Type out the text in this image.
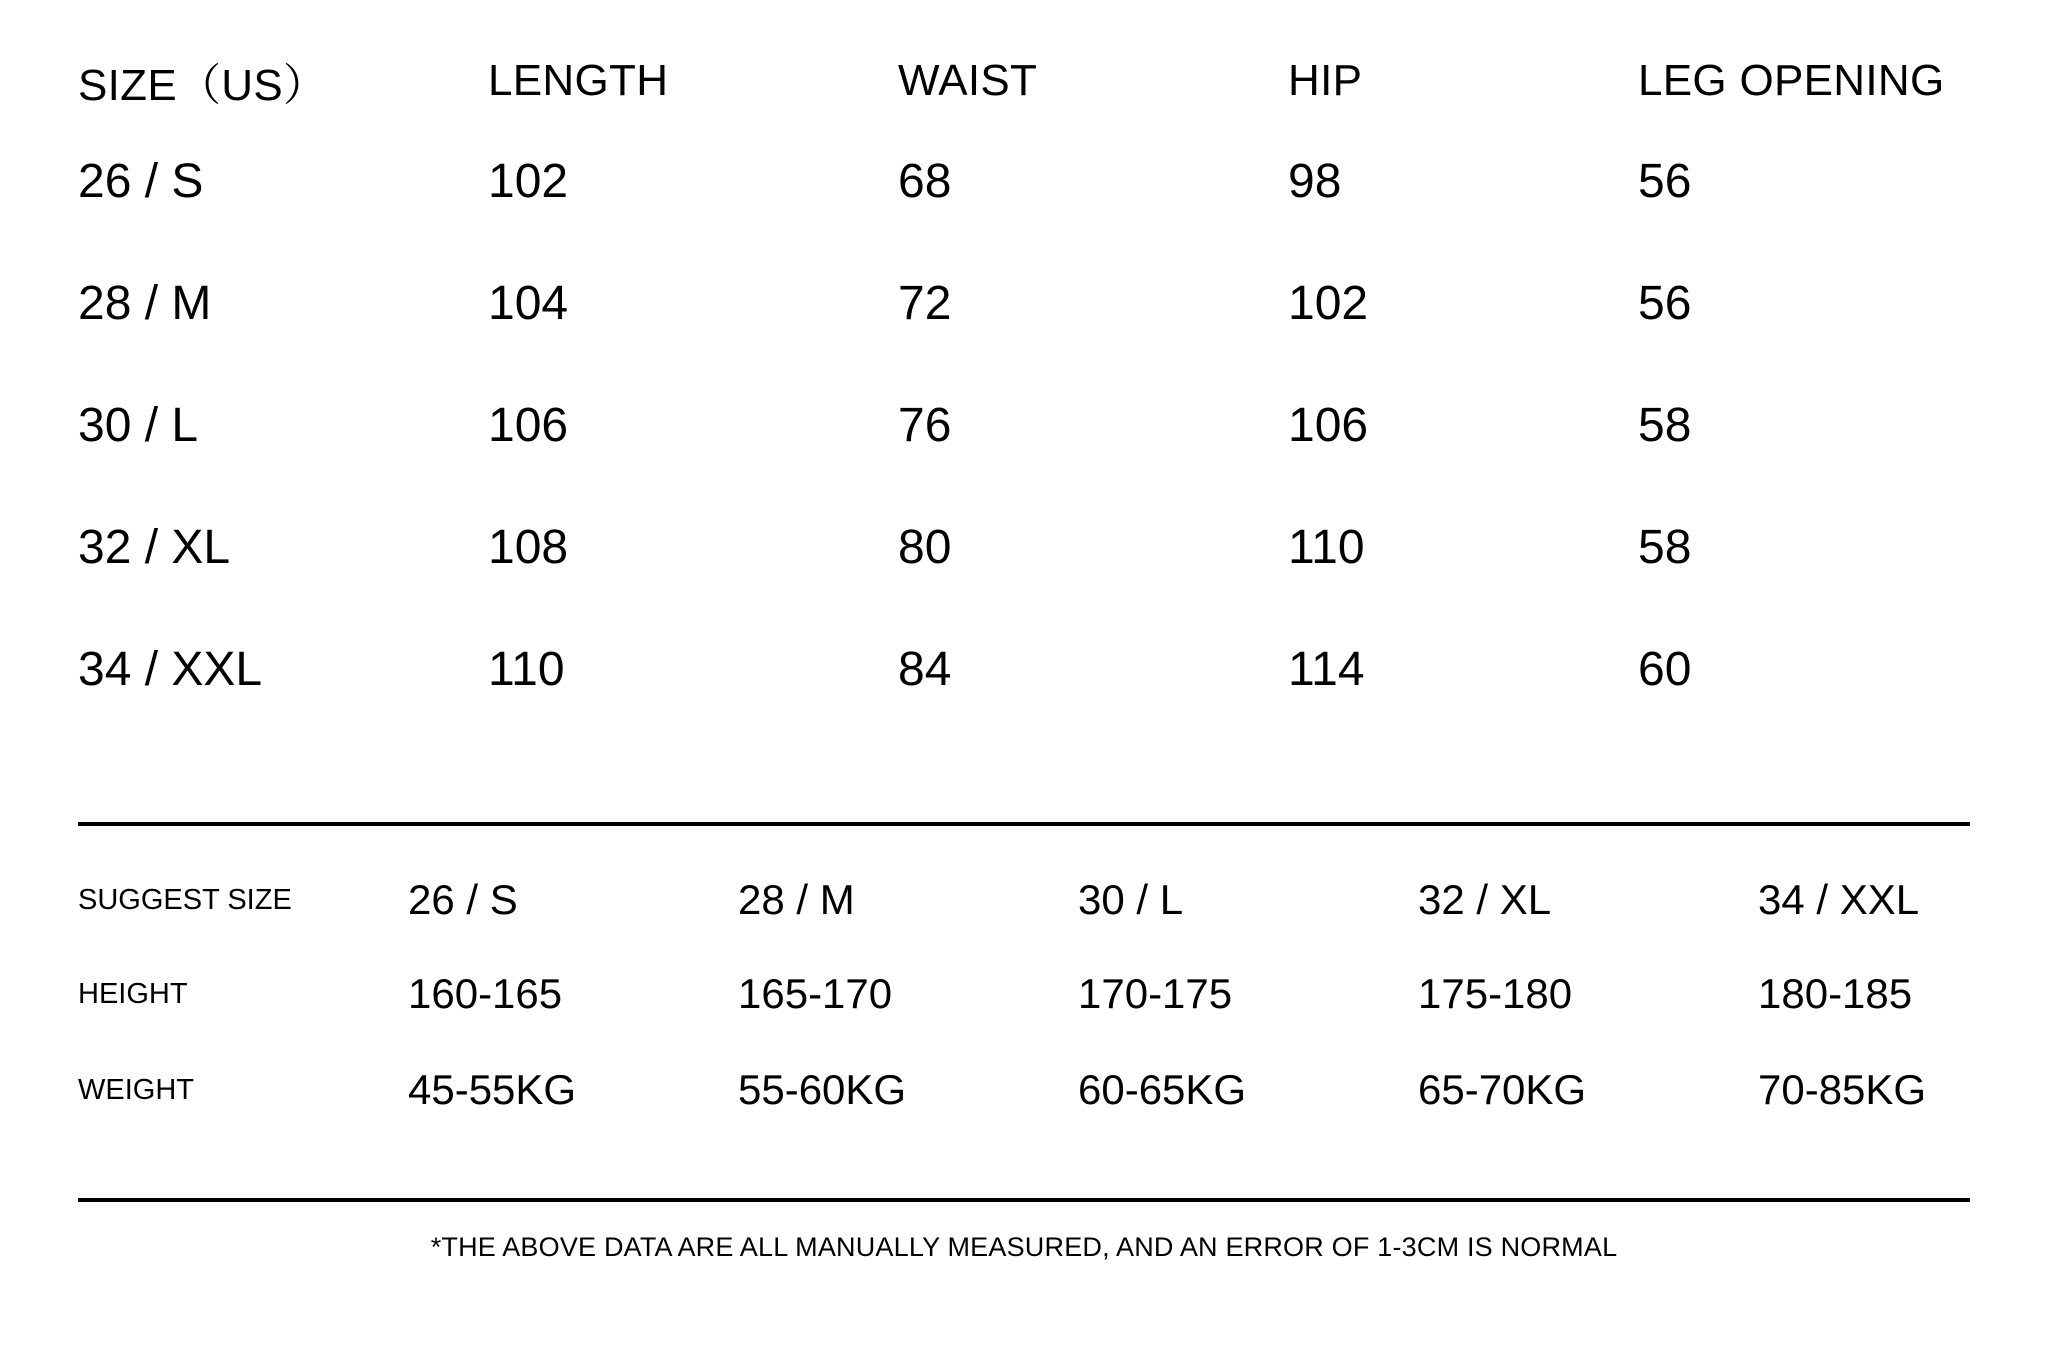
SIZE（US）	LENGTH	WAIST	HIP	LEG OPENING
26 / S	102	68	98	56
28 / M	104	72	102	56
30 / L	106	76	106	58
32 / XL	108	80	110	58
34 / XXL	110	84	114	60
SUGGEST SIZE	26 / S	28 / M	30 / L	32 / XL	34 / XXL
HEIGHT	160-165	165-170	170-175	175-180	180-185
WEIGHT	45-55KG	55-60KG	60-65KG	65-70KG	70-85KG
*THE ABOVE DATA ARE ALL MANUALLY MEASURED, AND AN ERROR OF 1-3CM IS NORMAL
